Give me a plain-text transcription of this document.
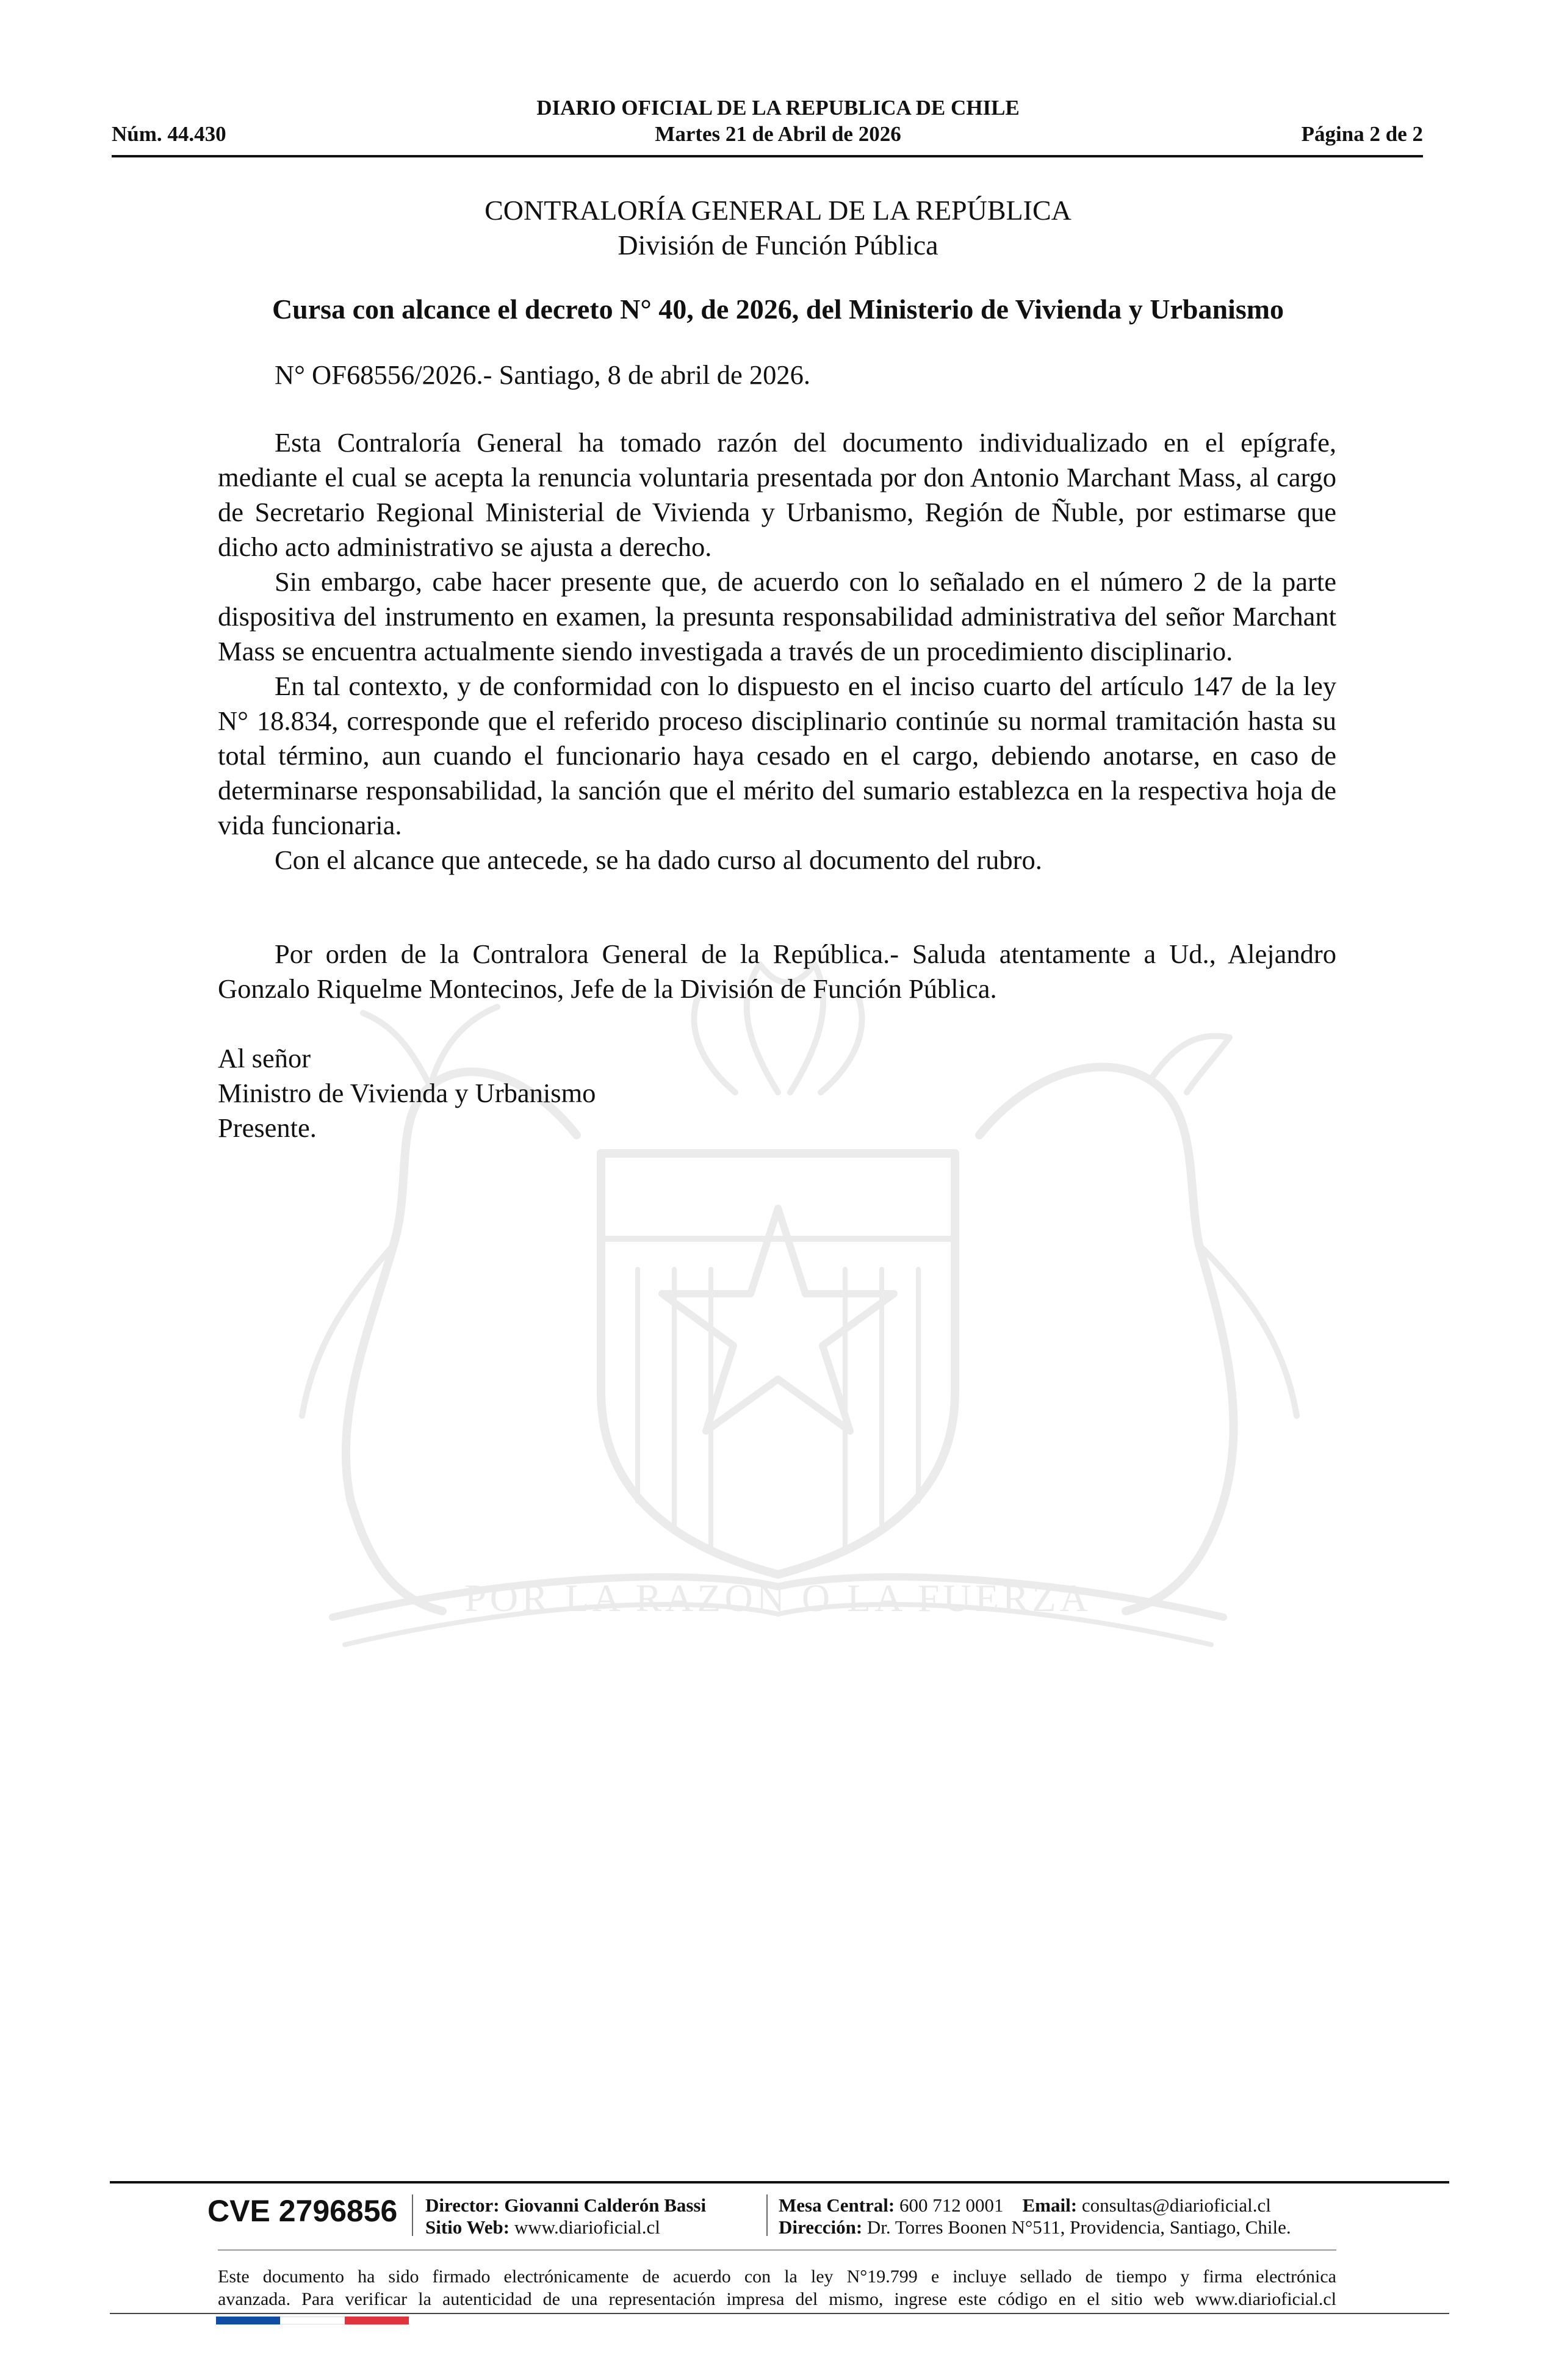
DIARIO OFICIAL DE LA REPUBLICA DE CHILE
Núm. 44.430	Martes 21 de Abril de 2026	Página 2 de 2
POR LA RAZON O LA FUERZA
CONTRALORÍA GENERAL DE LA REPÚBLICA
División de Función Pública
Cursa con alcance el decreto N° 40, de 2026, del Ministerio de Vivienda y Urbanismo

N° OF68556/2026.- Santiago, 8 de abril de 2026.

Esta Contraloría General ha tomado razón del documento individualizado en el epígrafe, mediante el cual se acepta la renuncia voluntaria presentada por don Antonio Marchant Mass, al cargo de Secretario Regional Ministerial de Vivienda y Urbanismo, Región de Ñuble, por estimarse que dicho acto administrativo se ajusta a derecho.

Sin embargo, cabe hacer presente que, de acuerdo con lo señalado en el número 2 de la parte dispositiva del instrumento en examen, la presunta responsabilidad administrativa del señor Marchant Mass se encuentra actualmente siendo investigada a través de un procedimiento disciplinario.

En tal contexto, y de conformidad con lo dispuesto en el inciso cuarto del artículo 147 de la ley N° 18.834, corresponde que el referido proceso disciplinario continúe su normal tramitación hasta su total término, aun cuando el funcionario haya cesado en el cargo, debiendo anotarse, en caso de determinarse responsabilidad, la sanción que el mérito del sumario establezca en la respectiva hoja de vida funcionaria.

Con el alcance que antecede, se ha dado curso al documento del rubro.

Por orden de la Contralora General de la República.- Saluda atentamente a Ud., Alejandro Gonzalo Riquelme Montecinos, Jefe de la División de Función Pública.

Al señor

Ministro de Vivienda y Urbanismo

Presente.

CVE 2796856 Director: Giovanni Calderón Bassi
Sitio Web: www.diarioficial.cl
Mesa Central: 600 712 0001 Email: consultas@diarioficial.cl
Dirección: Dr. Torres Boonen N°511, Providencia, Santiago, Chile.
Este documento ha sido firmado electrónicamente de acuerdo con la ley N°19.799 e incluye sellado de tiempo y firma electrónica
avanzada. Para verificar la autenticidad de una representación impresa del mismo, ingrese este código en el sitio web www.diarioficial.cl
